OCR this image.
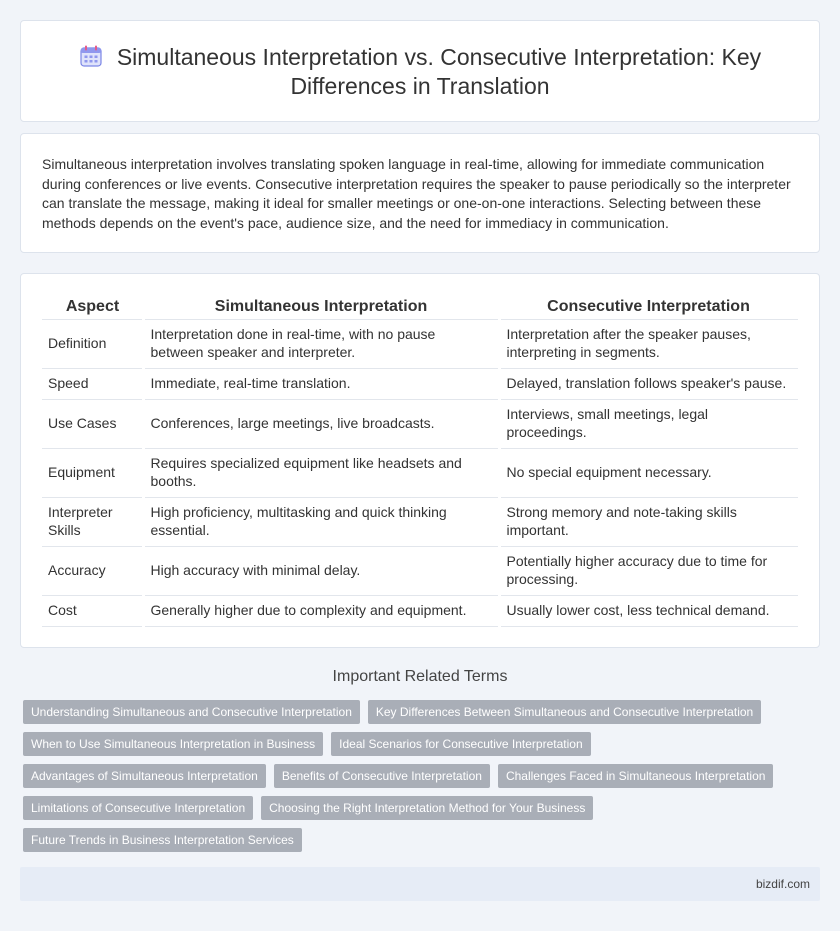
Simultaneous Interpretation vs. Consecutive Interpretation: Key Differences in Translation

Simultaneous interpretation involves translating spoken language in real-time, allowing for immediate communication during conferences or live events. Consecutive interpretation requires the speaker to pause periodically so the interpreter can translate the message, making it ideal for smaller meetings or one-on-one interactions. Selecting between these methods depends on the event's pace, audience size, and the need for immediacy in communication.

Aspect	Simultaneous Interpretation	Consecutive Interpretation
Definition	Interpretation done in real-time, with no pause between speaker and interpreter.	Interpretation after the speaker pauses, interpreting in segments.
Speed	Immediate, real-time translation.	Delayed, translation follows speaker's pause.
Use Cases	Conferences, large meetings, live broadcasts.	Interviews, small meetings, legal proceedings.
Equipment	Requires specialized equipment like headsets and booths.	No special equipment necessary.
Interpreter Skills	High proficiency, multitasking and quick thinking essential.	Strong memory and note-taking skills important.
Accuracy	High accuracy with minimal delay.	Potentially higher accuracy due to time for processing.
Cost	Generally higher due to complexity and equipment.	Usually lower cost, less technical demand.
Important Related Terms
Understanding Simultaneous and Consecutive Interpretation	Key Differences Between Simultaneous and Consecutive Interpretation
When to Use Simultaneous Interpretation in Business	Ideal Scenarios for Consecutive Interpretation
Advantages of Simultaneous Interpretation	Benefits of Consecutive Interpretation	Challenges Faced in Simultaneous Interpretation
Limitations of Consecutive Interpretation	Choosing the Right Interpretation Method for Your Business
Future Trends in Business Interpretation Services
bizdif.com
